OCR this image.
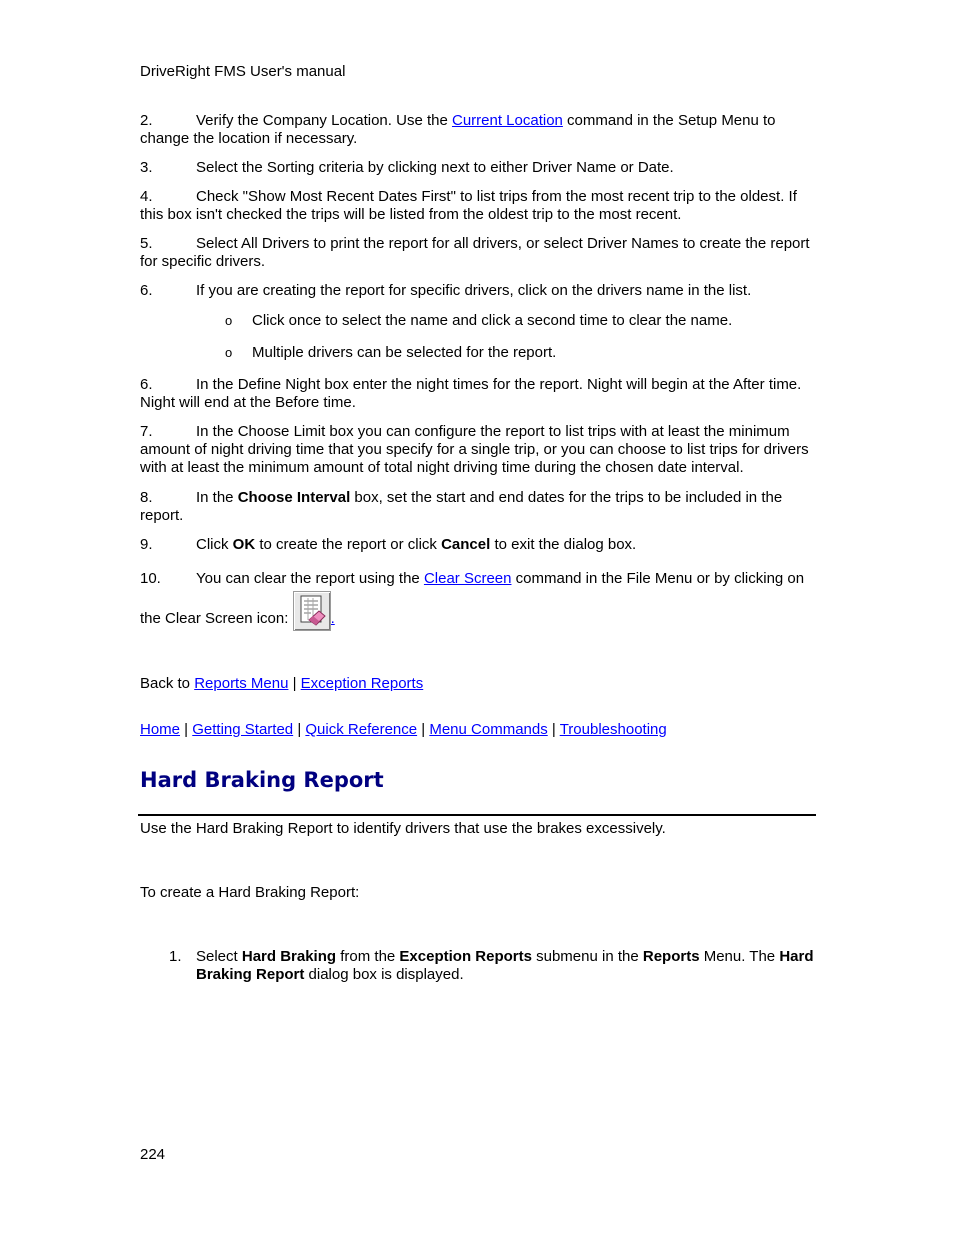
DriveRight FMS User's manual

2.	Verify the Company Location. Use the Current Location command in the Setup Menu to change the location if necessary.

3.	Select the Sorting criteria by clicking next to either Driver Name or Date.

4.	Check "Show Most Recent Dates First" to list trips from the most recent trip to the oldest. If this box isn't checked the trips will be listed from the oldest trip to the most recent.

5.	Select All Drivers to print the report for all drivers, or select Driver Names to create the report for specific drivers.

6.	If you are creating the report for specific drivers, click on the drivers name in the list.

o Click once to select the name and click a second time to clear the name.

o Multiple drivers can be selected for the report.

6.	In the Define Night box enter the night times for the report. Night will begin at the After time. Night will end at the Before time.

7.	In the Choose Limit box you can configure the report to list trips with at least the minimum amount of night driving time that you specify for a single trip, or you can choose to list trips for drivers with at least the minimum amount of total night driving time during the chosen date interval.

8.	In the Choose Interval box, set the start and end dates for the trips to be included in the report.

9.	Click OK to create the report or click Cancel to exit the dialog box.

10. You can clear the report using the Clear Screen command in the File Menu or by clicking on the Clear Screen icon:	.

Back to Reports Menu | Exception Reports

Home | Getting Started | Quick Reference | Menu Commands | Troubleshooting

Hard Braking Report

Use the Hard Braking Report to identify drivers that use the brakes excessively.

To create a Hard Braking Report:

1. Select Hard Braking from the Exception Reports submenu in the Reports Menu. The Hard Braking Report dialog box is displayed.

224
